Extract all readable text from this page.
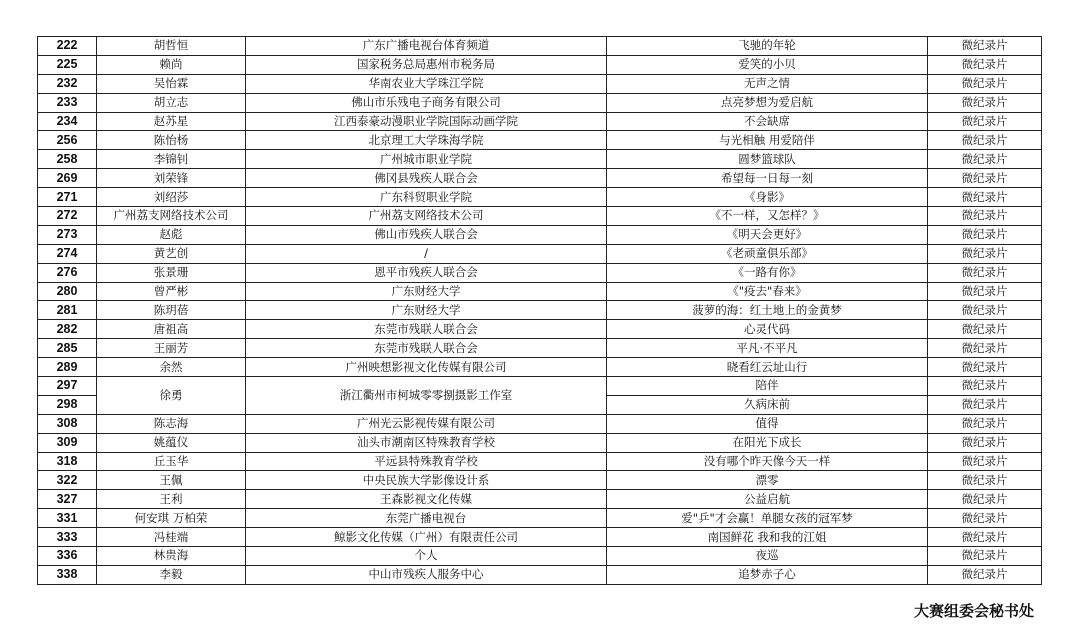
222	胡哲恒	广东广播电视台体育频道	飞驰的年轮	微纪录片
225	赖尚	国家税务总局惠州市税务局	爱笑的小贝	微纪录片
232	吴怡霖	华南农业大学珠江学院	无声之情	微纪录片
233	胡立志	佛山市乐残电子商务有限公司	点亮梦想为爱启航	微纪录片
234	赵苏星	江西泰豪动漫职业学院国际动画学院	不会缺席	微纪录片
256	陈怡杨	北京理工大学珠海学院	与光相触 用爱陪伴	微纪录片
258	李锦钊	广州城市职业学院	圆梦篮球队	微纪录片
269	刘荣锋	佛冈县残疾人联合会	希望每一日每一刻	微纪录片
271	刘绍莎	广东科贸职业学院	《身影》	微纪录片
272	广州荔支网络技术公司	广州荔支网络技术公司	《不一样，又怎样？》	微纪录片
273	赵彪	佛山市残疾人联合会	《明天会更好》	微纪录片
274	黄艺创	/	《老顽童俱乐部》	微纪录片
276	张景珊	恩平市残疾人联合会	《一路有你》	微纪录片
280	曾严彬	广东财经大学	《"疫去"春来》	微纪录片
281	陈玥蓓	广东财经大学	菠萝的海：红土地上的金黄梦	微纪录片
282	唐祖高	东莞市残联人联合会	心灵代码	微纪录片
285	王丽芳	东莞市残联人联合会	平凡·不平凡	微纪录片
289	余然	广州映想影视文化传媒有限公司	晓看红云址山行	微纪录片
297	徐勇	浙江衢州市柯城零零捌摄影工作室	陪伴	微纪录片
298			久病床前	微纪录片
308	陈志海	广州光云影视传媒有限公司	值得	微纪录片
309	姚蕴仪	汕头市潮南区特殊教育学校	在阳光下成长	微纪录片
318	丘玉华	平远县特殊教育学校	没有哪个昨天像今天一样	微纪录片
322	王佩	中央民族大学影像设计系	漂零	微纪录片
327	王利	王森影视文化传媒	公益启航	微纪录片
331	何安琪 万柏荣	东莞广播电视台	爱"乒"才会赢！单腿女孩的冠军梦	微纪录片
333	冯桂端	鲸影文化传媒（广州）有限责任公司	南国鲜花 我和我的江姐	微纪录片
336	林贵海	个人	夜巡	微纪录片
338	李毅	中山市残疾人服务中心	追梦赤子心	微纪录片
大赛组委会秘书处
